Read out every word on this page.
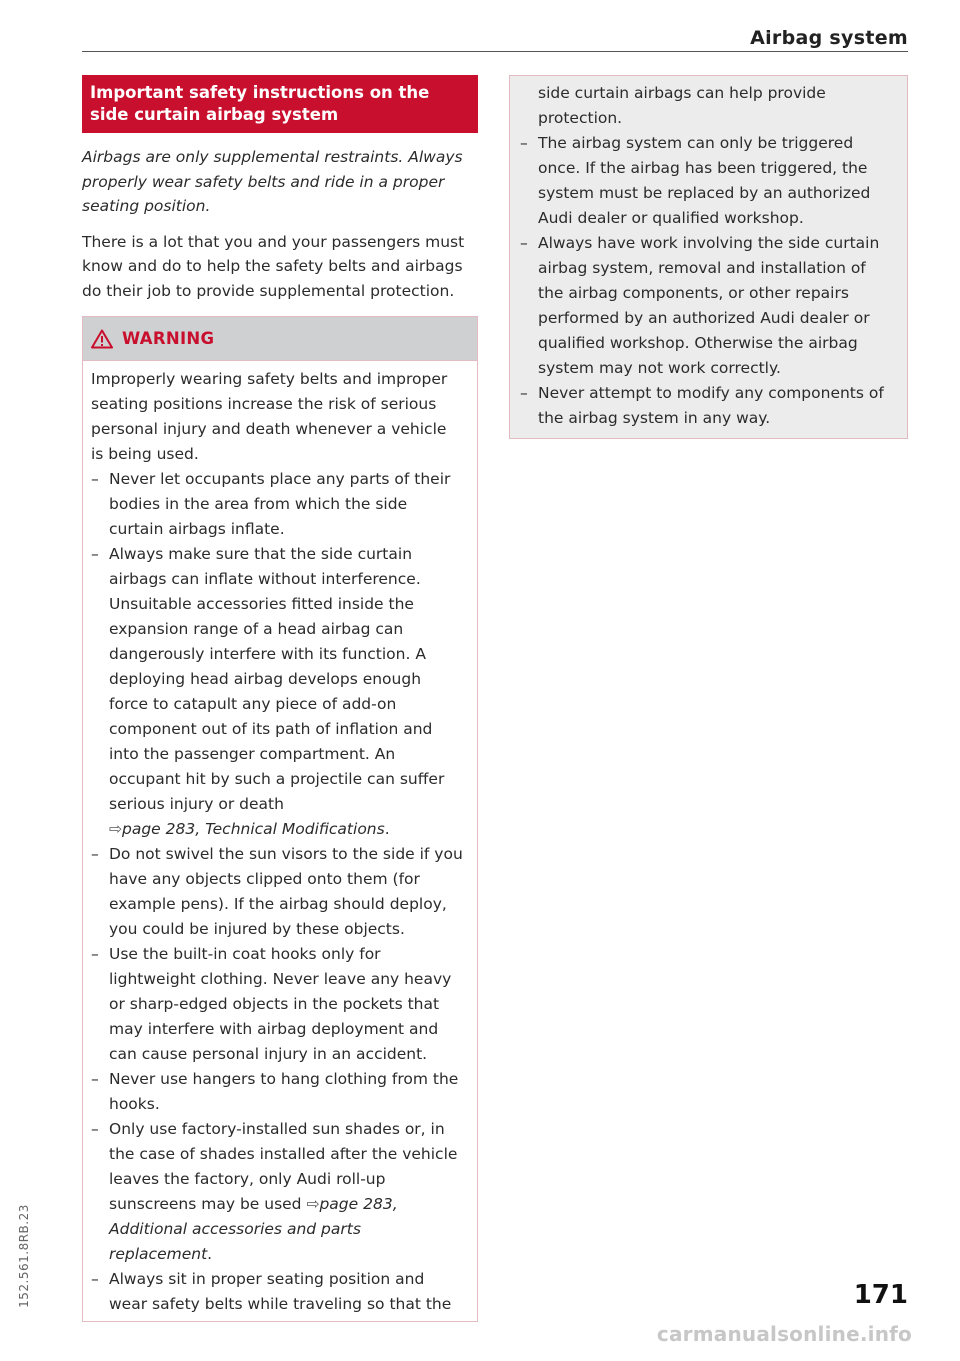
Airbag system
Important safety instructions on the side curtain airbag system
Airbags are only supplemental restraints. Always properly wear safety belts and ride in a proper seating position.
There is a lot that you and your passengers must know and do to help the safety belts and airbags do their job to provide supplemental protection.
WARNING

Improperly wearing safety belts and improper seating positions increase the risk of serious personal injury and death whenever a vehicle is being used.

– Never let occupants place any parts of their bodies in the area from which the side curtain airbags inflate.
– Always make sure that the side curtain airbags can inflate without interference. Unsuitable accessories fitted inside the expansion range of a head airbag can dangerously interfere with its function. A deploying head airbag develops enough force to catapult any piece of add-on component out of its path of inflation and into the passenger compartment. An occupant hit by such a projectile can suffer serious injury or death
⇨page 283, Technical Modifications.
– Do not swivel the sun visors to the side if you have any objects clipped onto them (for example pens). If the airbag should deploy, you could be injured by these objects.
– Use the built-in coat hooks only for lightweight clothing. Never leave any heavy or sharp-edged objects in the pockets that may interfere with airbag deployment and can cause personal injury in an accident.
– Never use hangers to hang clothing from the hooks.
– Only use factory-installed sun shades or, in the case of shades installed after the vehicle leaves the factory, only Audi roll-up sunscreens may be used ⇨page 283, Additional accessories and parts replacement.
– Always sit in proper seating position and wear safety belts while traveling so that the

side curtain airbags can help provide protection.

– The airbag system can only be triggered once. If the airbag has been triggered, the system must be replaced by an authorized Audi dealer or qualified workshop.
– Always have work involving the side curtain airbag system, removal and installation of the airbag components, or other repairs performed by an authorized Audi dealer or qualified workshop. Otherwise the airbag system may not work correctly.
– Never attempt to modify any components of the airbag system in any way.
152.561.8RB.23	171
carmanualsonline.info
